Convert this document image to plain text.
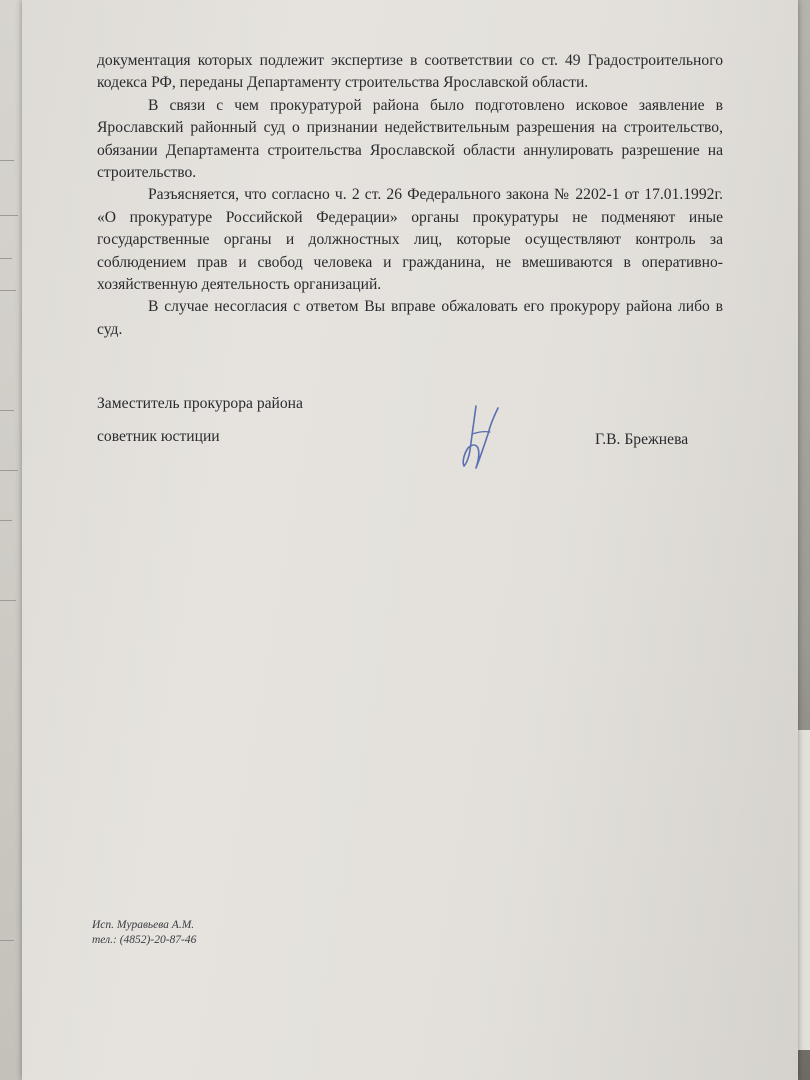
документация которых подлежит экспертизе в соответствии со ст. 49 Градостроительного кодекса РФ, переданы Департаменту строительства Ярославской области.

В связи с чем прокуратурой района было подготовлено исковое заявление в Ярославский районный суд о признании недействительным разрешения на строительство, обязании Департамента строительства Ярославской области аннулировать разрешение на строительство.

Разъясняется, что согласно ч. 2 ст. 26 Федерального закона № 2202-1 от 17.01.1992г. «О прокуратуре Российской Федерации» органы прокуратуры не подменяют иные государственные органы и должностных лиц, которые осуществляют контроль за соблюдением прав и свобод человека и гражданина, не вмешиваются в оперативно-хозяйственную деятельность организаций.

В случае несогласия с ответом Вы вправе обжаловать его прокурору района либо в суд.

Заместитель прокурора района
советник юстиции	Г.В. Брежнева
Исп. Муравьева А.М.
тел.: (4852)-20-87-46
